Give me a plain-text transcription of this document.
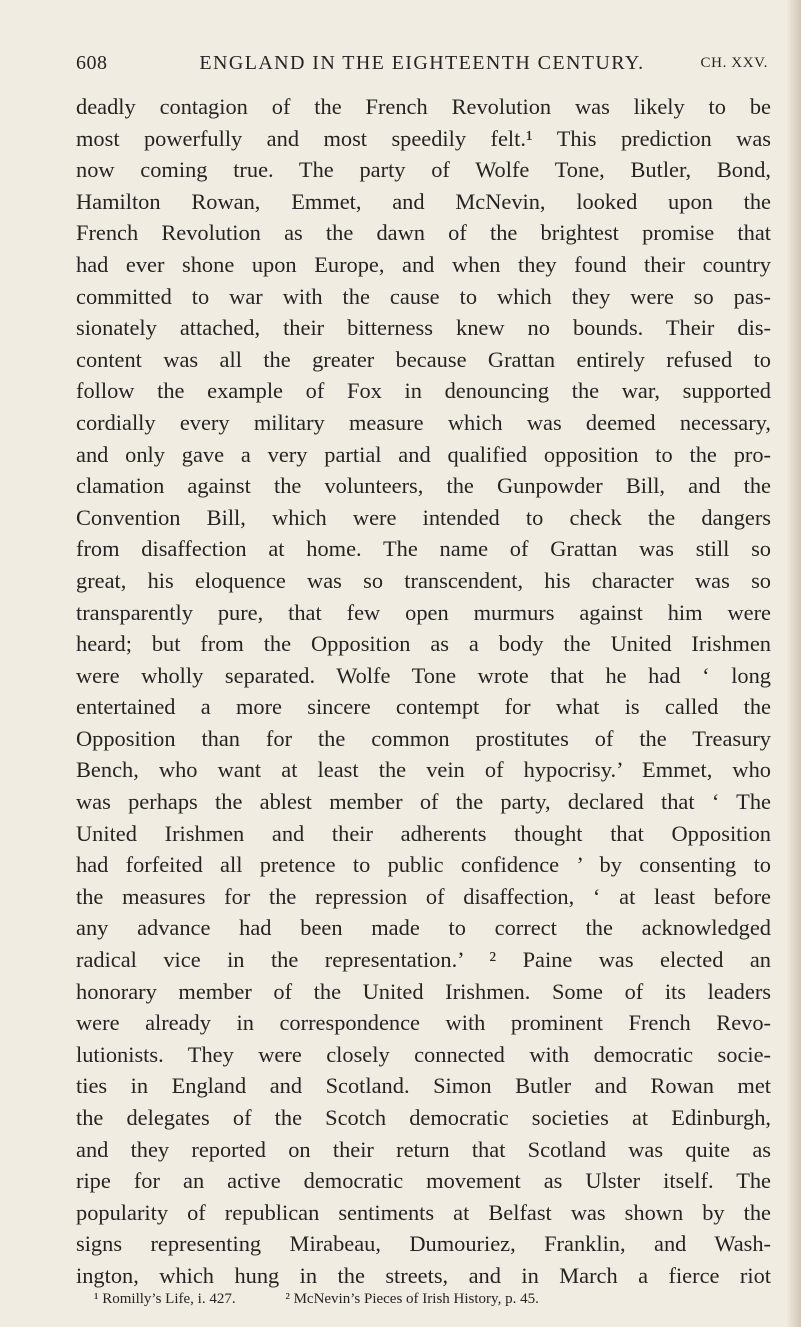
608	ENGLAND IN THE EIGHTEENTH CENTURY.	CH. XXV.
deadly contagion of the French Revolution was likely to be
most powerfully and most speedily felt.¹ This prediction was
now coming true. The party of Wolfe Tone, Butler, Bond,
Hamilton Rowan, Emmet, and McNevin, looked upon the
French Revolution as the dawn of the brightest promise that
had ever shone upon Europe, and when they found their country
committed to war with the cause to which they were so pas-
sionately attached, their bitterness knew no bounds. Their dis-
content was all the greater because Grattan entirely refused to
follow the example of Fox in denouncing the war, supported
cordially every military measure which was deemed necessary,
and only gave a very partial and qualified opposition to the pro-
clamation against the volunteers, the Gunpowder Bill, and the
Convention Bill, which were intended to check the dangers
from disaffection at home. The name of Grattan was still so
great, his eloquence was so transcendent, his character was so
transparently pure, that few open murmurs against him were
heard; but from the Opposition as a body the United Irishmen
were wholly separated. Wolfe Tone wrote that he had ‘ long
entertained a more sincere contempt for what is called the
Opposition than for the common prostitutes of the Treasury
Bench, who want at least the vein of hypocrisy.’ Emmet, who
was perhaps the ablest member of the party, declared that ‘ The
United Irishmen and their adherents thought that Opposition
had forfeited all pretence to public confidence ’ by consenting to
the measures for the repression of disaffection, ‘ at least before
any advance had been made to correct the acknowledged
radical vice in the representation.’ ² Paine was elected an
honorary member of the United Irishmen. Some of its leaders
were already in correspondence with prominent French Revo-
lutionists. They were closely connected with democratic socie-
ties in England and Scotland. Simon Butler and Rowan met
the delegates of the Scotch democratic societies at Edinburgh,
and they reported on their return that Scotland was quite as
ripe for an active democratic movement as Ulster itself. The
popularity of republican sentiments at Belfast was shown by the
signs representing Mirabeau, Dumouriez, Franklin, and Wash-
ington, which hung in the streets, and in March a fierce riot
¹ Romilly’s Life, i. 427.	² McNevin’s Pieces of Irish History, p. 45.
